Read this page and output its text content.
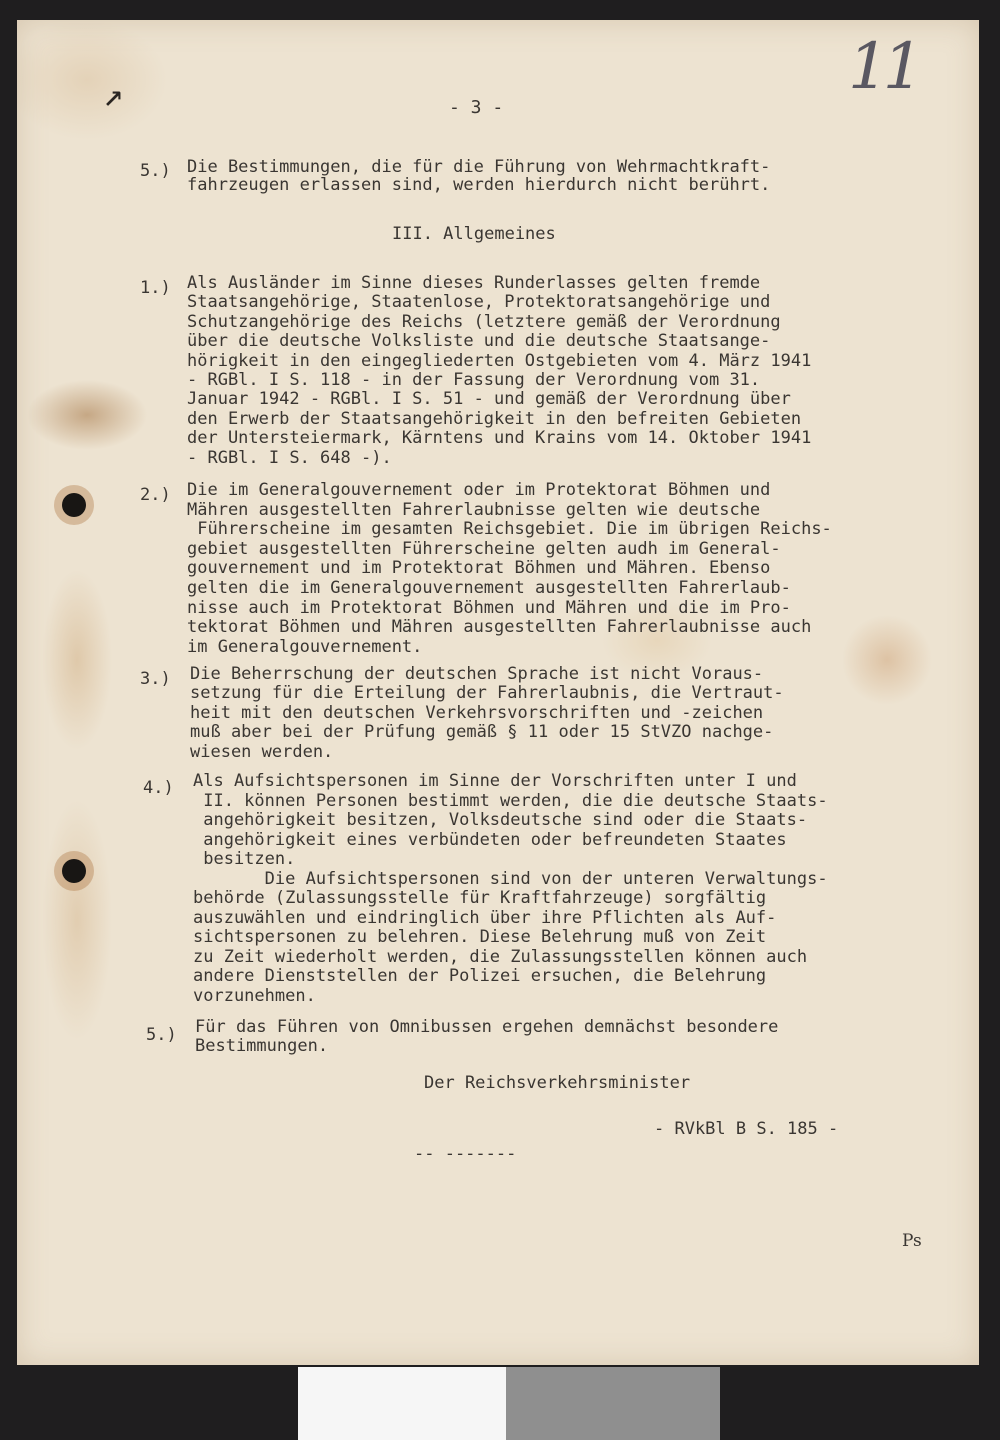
11
↗	- 3 -

5.) Die Bestimmungen, die für die Führung von Wehrmachtkraft-
fahrzeugen erlassen sind, werden hierdurch nicht berührt.

III. Allgemeines

1.) Als Ausländer im Sinne dieses Runderlasses gelten fremde
Staatsangehörige, Staatenlose, Protektoratsangehörige und
Schutzangehörige des Reichs (letztere gemäß der Verordnung
über die deutsche Volksliste und die deutsche Staatsange-
hörigkeit in den eingegliederten Ostgebieten vom 4. März 1941
- RGBl. I S. 118 - in der Fassung der Verordnung vom 31.
Januar 1942 - RGBl. I S. 51 - und gemäß der Verordnung über
den Erwerb der Staatsangehörigkeit in den befreiten Gebieten
der Untersteiermark, Kärntens und Krains vom 14. Oktober 1941
- RGBl. I S. 648 -).

2.) Die im Generalgouvernement oder im Protektorat Böhmen und
Mähren ausgestellten Fahrerlaubnisse gelten wie deutsche
Führerscheine im gesamten Reichsgebiet. Die im übrigen Reichs-
gebiet ausgestellten Führerscheine gelten audh im General-
gouvernement und im Protektorat Böhmen und Mähren. Ebenso
gelten die im Generalgouvernement ausgestellten Fahrerlaub-
nisse auch im Protektorat Böhmen und Mähren und die im Pro-
tektorat Böhmen und Mähren ausgestellten Fahrerlaubnisse auch
im Generalgouvernement.

3.)	Die Beherrschung der deutschen Sprache ist nicht Voraus-
setzung für die Erteilung der Fahrerlaubnis, die Vertraut-
heit mit den deutschen Verkehrsvorschriften und -zeichen
muß aber bei der Prüfung gemäß § 11 oder 15 StVZO nachge-
wiesen werden.

4.)	Als Aufsichtspersonen im Sinne der Vorschriften unter I und
II. können Personen bestimmt werden, die die deutsche Staats-
angehörigkeit besitzen, Volksdeutsche sind oder die Staats-
angehörigkeit eines verbündeten oder befreundeten Staates
besitzen.
Die Aufsichtspersonen sind von der unteren Verwaltungs-
behörde (Zulassungsstelle für Kraftfahrzeuge) sorgfältig
auszuwählen und eindringlich über ihre Pflichten als Auf-
sichtspersonen zu belehren. Diese Belehrung muß von Zeit
zu Zeit wiederholt werden, die Zulassungsstellen können auch
andere Dienststellen der Polizei ersuchen, die Belehrung
vorzunehmen.

5.)	Für das Führen von Omnibussen ergehen demnächst besondere
Bestimmungen.

Der Reichsverkehrsminister

- RVkBl B S. 185 -

-- -------

Ps
